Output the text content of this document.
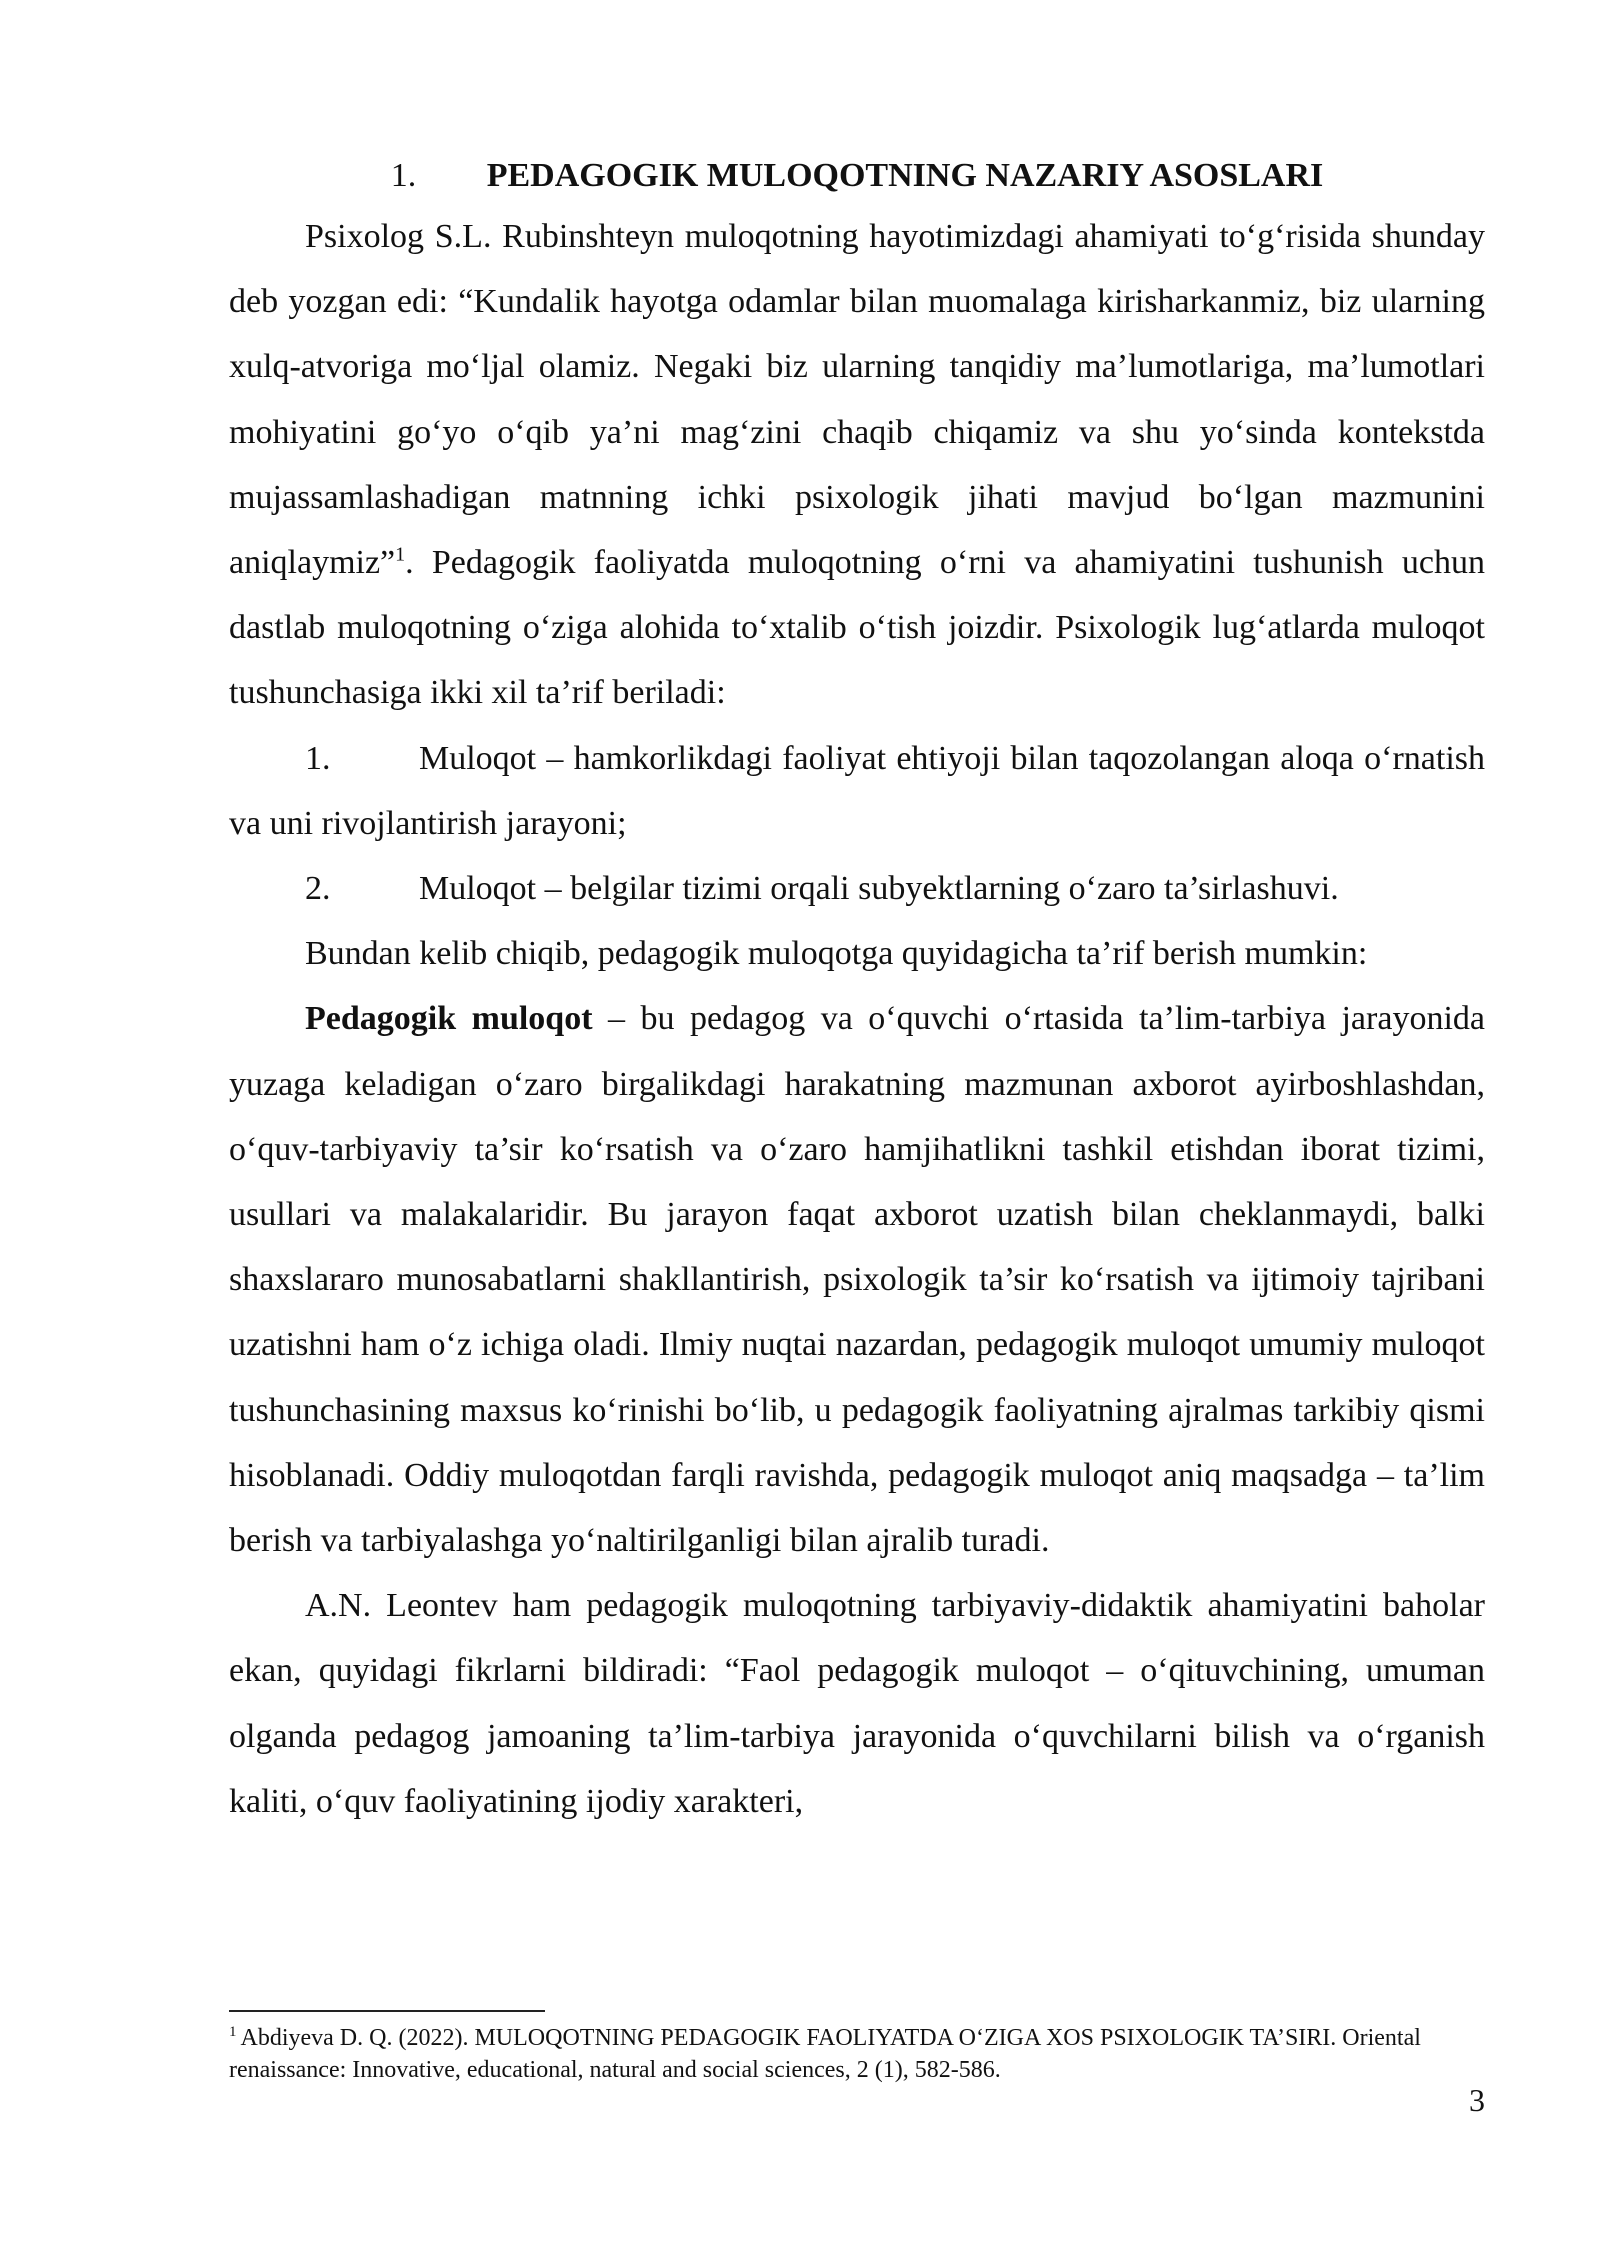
1. PEDAGOGIK MULOQOTNING NAZARIY ASOSLARI

Psixolog S.L. Rubinshteyn muloqotning hayotimizdagi ahamiyati to‘g‘risida shunday deb yozgan edi: “Kundalik hayotga odamlar bilan muomalaga kirisharkanmiz, biz ularning xulq-atvoriga mo‘ljal olamiz. Negaki biz ularning tanqidiy ma’lumotlariga, ma’lumotlari mohiyatini go‘yo o‘qib ya’ni mag‘zini chaqib chiqamiz va shu yo‘sinda kontekstda mujassamlashadigan matnning ichki psixologik jihati mavjud bo‘lgan mazmunini aniqlaymiz”$^1$. Pedagogik faoliyatda muloqotning o‘rni va ahamiyatini tushunish uchun dastlab muloqotning o‘ziga alohida to‘xtalib o‘tish joizdir. Psixologik lug‘atlarda muloqot tushunchasiga ikki xil ta’rif beriladi:

1.	Muloqot – hamkorlikdagi faoliyat ehtiyoji bilan taqozolangan aloqa o‘rnatish va uni rivojlantirish jarayoni;

2.	Muloqot – belgilar tizimi orqali subyektlarning o‘zaro ta’sirlashuvi.

Bundan kelib chiqib, pedagogik muloqotga quyidagicha ta’rif berish mumkin:

Pedagogik muloqot – bu pedagog va o‘quvchi o‘rtasida ta’lim-tarbiya jarayonida yuzaga keladigan o‘zaro birgalikdagi harakatning mazmunan axborot ayirboshlashdan, o‘quv-tarbiyaviy ta’sir ko‘rsatish va o‘zaro hamjihatlikni tashkil etishdan iborat tizimi, usullari va malakalaridir. Bu jarayon faqat axborot uzatish bilan cheklanmaydi, balki shaxslararo munosabatlarni shakllantirish, psixologik ta’sir ko‘rsatish va ijtimoiy tajribani uzatishni ham o‘z ichiga oladi. Ilmiy nuqtai nazardan, pedagogik muloqot umumiy muloqot tushunchasining maxsus ko‘rinishi bo‘lib, u pedagogik faoliyatning ajralmas tarkibiy qismi hisoblanadi. Oddiy muloqotdan farqli ravishda, pedagogik muloqot aniq maqsadga – ta’lim berish va tarbiyalashga yo‘naltirilganligi bilan ajralib turadi.

A.N. Leontev ham pedagogik muloqotning tarbiyaviy-didaktik ahamiyatini baholar ekan, quyidagi fikrlarni bildiradi: “Faol pedagogik muloqot – o‘qituvchining, umuman olganda pedagog jamoaning ta’lim-tarbiya jarayonida o‘quvchilarni bilish va o‘rganish kaliti, o‘quv faoliyatining ijodiy xarakteri,

$^1$ Abdiyeva D. Q. (2022). MULOQOTNING PEDAGOGIK FAOLIYATDA O‘ZIGA XOS PSIXOLOGIK TA’SIRI. Oriental renaissance: Innovative, educational, natural and social sciences, 2 (1), 582-586.

3
